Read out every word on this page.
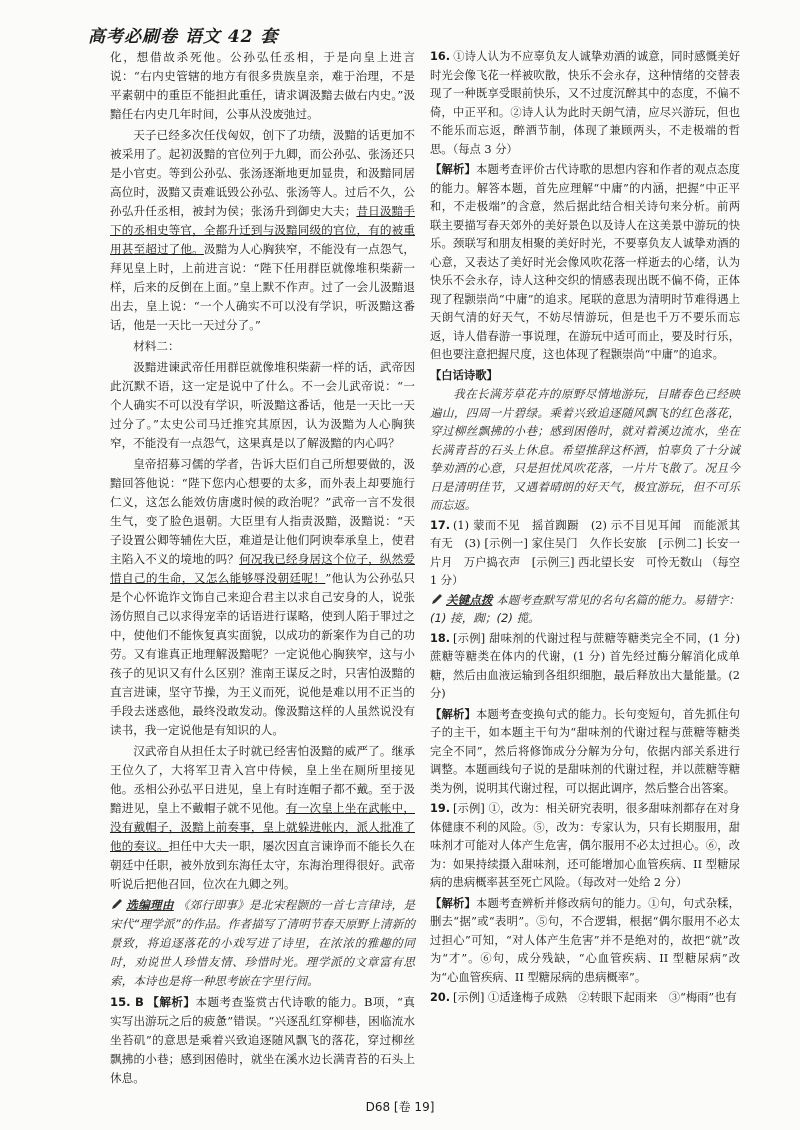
高考必刷卷 语文 42 套

化，想借故杀死他。公孙弘任丞相，于是向皇上进言说：“右内史管辖的地方有很多贵族皇亲，难于治理，不是平素朝中的重臣不能担此重任，请求调汲黯去做右内史。”汲黯任右内史几年时间，公事从没废弛过。

天子已经多次任伐匈奴，创下了功绩，汲黯的话更加不被采用了。起初汲黯的官位列于九卿，而公孙弘、张汤还只是小官吏。等到公孙弘、张汤逐渐地更加显贵，和汲黯同居高位时，汲黯又责难诋毁公孙弘、张汤等人。过后不久，公孙弘升任丞相，被封为侯；张汤升到御史大夫；昔日汲黯手下的丞相史等官，全都升迁到与汲黯同级的官位，有的被重用甚至超过了他。汲黯为人心胸狭窄，不能没有一点怨气，拜见皇上时，上前进言说：“陛下任用群臣就像堆积柴薪一样，后来的反倒在上面。”皇上默不作声。过了一会儿汲黯退出去，皇上说：“一个人确实不可以没有学识，听汲黯这番话，他是一天比一天过分了。”

材料二：

汲黯进谏武帝任用群臣就像堆积柴薪一样的话，武帝因此沉默不语，这一定是说中了什么。不一会儿武帝说：“一个人确实不可以没有学识，听汲黯这番话，他是一天比一天过分了。”太史公司马迁推究其原因，认为汲黯为人心胸狭窄，不能没有一点怨气，这果真是以了解汲黯的内心吗？

皇帝招募习儒的学者，告诉大臣们自己所想要做的，汲黯回答他说：“陛下您内心想要的太多，而外表上却要施行仁义，这怎么能效仿唐虞时候的政治呢？”武帝一言不发很生气，变了脸色退朝。大臣里有人指责汲黯，汲黯说：“天子设置公卿等辅佐大臣，难道是让他们阿谀奉承皇上，使君主陷入不义的境地的吗？何况我已经身居这个位子，纵然爱惜自己的生命，又怎么能够辱没朝廷呢！”他认为公孙弘只是个心怀诡诈文饰自己来迎合君主以求自己安身的人，说张汤仿照自己以求得宠幸的话语进行谋略，使到人陷于罪过之中，使他们不能恢复真实面貌，以成功的新案作为自己的功劳。又有谁真正地理解汲黯呢？一定说他心胸狭窄，这与小孩子的见识又有什么区别？淮南王谋反之时，只害怕汲黯的直言进谏，坚守节操，为王义而死，说他是难以用不正当的手段去迷惑他，最终没敢发动。像汲黯这样的人虽然说没有读书，我一定说他是有知识的人。

汉武帝自从担任太子时就已经害怕汲黯的威严了。继承王位久了，大将军卫青入宫中侍候，皇上坐在厕所里接见他。丞相公孙弘平日进见，皇上有时连帽子都不戴。至于汲黯进见，皇上不戴帽子就不见他。有一次皇上坐在武帐中，没有戴帽子，汲黯上前奏事，皇上就躲进帐内，派人批准了他的奏议。担任中大夫一职，屡次因直言谏诤而不能长久在朝廷中任职，被外放到东海任太守，东海治理得很好。武帝听说后把他召回，位次在九卿之列。

选编理由 《郊行即事》是北宋程颢的一首七言律诗，是宋代“理学派”的作品。作者描写了清明节春天原野上清新的景致，将追逐落花的小戏写进了诗里，在浓浓的雅趣的同时，劝说世人珍惜友情、珍惜时光。理学派的文章富有思索，本诗也是将一种思考嵌在字里行间。

15. B 【解析】本题考查鉴赏古代诗歌的能力。B项，“真实写出游玩之后的疲惫”错误。“兴逐乱红穿柳巷，困临流水坐苔矶”的意思是乘着兴致追逐随风飘飞的落花，穿过柳丝飘拂的小巷；感到困倦时，就坐在溪水边长满青苔的石头上休息。

16. ①诗人认为不应辜负友人诚挚劝酒的诚意，同时感慨美好时光会像飞花一样被吹散，快乐不会永存，这种情绪的交替表现了一种既享受眼前快乐，又不过度沉醉其中的态度，不偏不倚，中正平和。②诗人认为此时天朗气清，应尽兴游玩，但也不能乐而忘返，醉酒节制，体现了兼顾两头，不走极端的哲思。（每点 3 分）

【解析】本题考查评价古代诗歌的思想内容和作者的观点态度的能力。解答本题，首先应理解“中庸”的内涵，把握“中正平和，不走极端”的含意，然后据此结合相关诗句来分析。前两联主要描写春天郊外的美好景色以及诗人在这美景中游玩的快乐。颈联写和朋友相聚的美好时光，不要辜负友人诚挚劝酒的心意，又表达了美好时光会像风吹花落一样逝去的心绪，认为快乐不会永存，诗人这种交织的情感表现出既不偏不倚，正体现了程颢崇尚“中庸”的追求。尾联的意思为清明时节难得遇上天朗气清的好天气，不妨尽情游玩，但是也千万不要乐而忘返，诗人借春游一事说理，在游玩中适可而止，要及时行乐，但也要注意把握尺度，这也体现了程颢崇尚“中庸”的追求。

【白话诗歌】

我在长满芳草花卉的原野尽情地游玩，目睹春色已经映遍山，四周一片碧绿。乘着兴致追逐随风飘飞的红色落花，穿过柳丝飘拂的小巷；感到困倦时，就对着溪边流水，坐在长满青苔的石头上休息。希望推辞这杯酒，怕辜负了十分诚挚劝酒的心意，只是担忧风吹花落，一片片飞散了。况且今日是清明佳节，又遇着晴朗的好天气，极宜游玩，但不可乐而忘返。

17. (1) 蒙而不见　摇首踟蹰　(2) 示不目见耳闻　而能派其有无　(3) [示例一] 家住吴门　久作长安旅　[示例二] 长安一片月　万户捣衣声　[示例三] 西北望长安　可怜无数山 （每空 1 分）

关键点拨 本题考查默写常见的名句名篇的能力。易错字：(1) 接，踟；(2) 揽。

18. [示例] 甜味剂的代谢过程与蔗糖等糖类完全不同，(1 分) 蔗糖等糖类在体内的代谢，(1 分) 首先经过酶分解消化成单糖，然后由血液运输到各组织细胞，最后释放出大量能量。(2 分)

【解析】本题考查变换句式的能力。长句变短句，首先抓住句子的主干，如本题主干句为“甜味剂的代谢过程与蔗糖等糖类完全不同”，然后将修饰成分分解为分句，依据内部关系进行调整。本题画线句子说的是甜味剂的代谢过程，并以蔗糖等糖类为例，说明其代谢过程，可以据此调序，然后整合出答案。

19. [示例] ①，改为：相关研究表明，很多甜味剂都存在对身体健康不利的风险。⑤，改为：专家认为，只有长期服用，甜味剂才可能对人体产生危害，偶尔服用不必太过担心。⑥，改为：如果持续摄入甜味剂，还可能增加心血管疾病、II 型糖尿病的患病概率甚至死亡风险。（每改对一处给 2 分）

【解析】本题考查辨析并修改病句的能力。①句，句式杂糅，删去“据”或“表明”。⑤句，不合逻辑，根据“偶尔服用不必太过担心”可知，“对人体产生危害”并不是绝对的，故把“就”改为“才”。⑥句，成分残缺，“心血管疾病、II 型糖尿病”改为“心血管疾病、II 型糖尿病的患病概率”。

20. [示例] ①适逢梅子成熟　②转眼下起雨来　③“梅雨”也有

D68 [卷 19]
